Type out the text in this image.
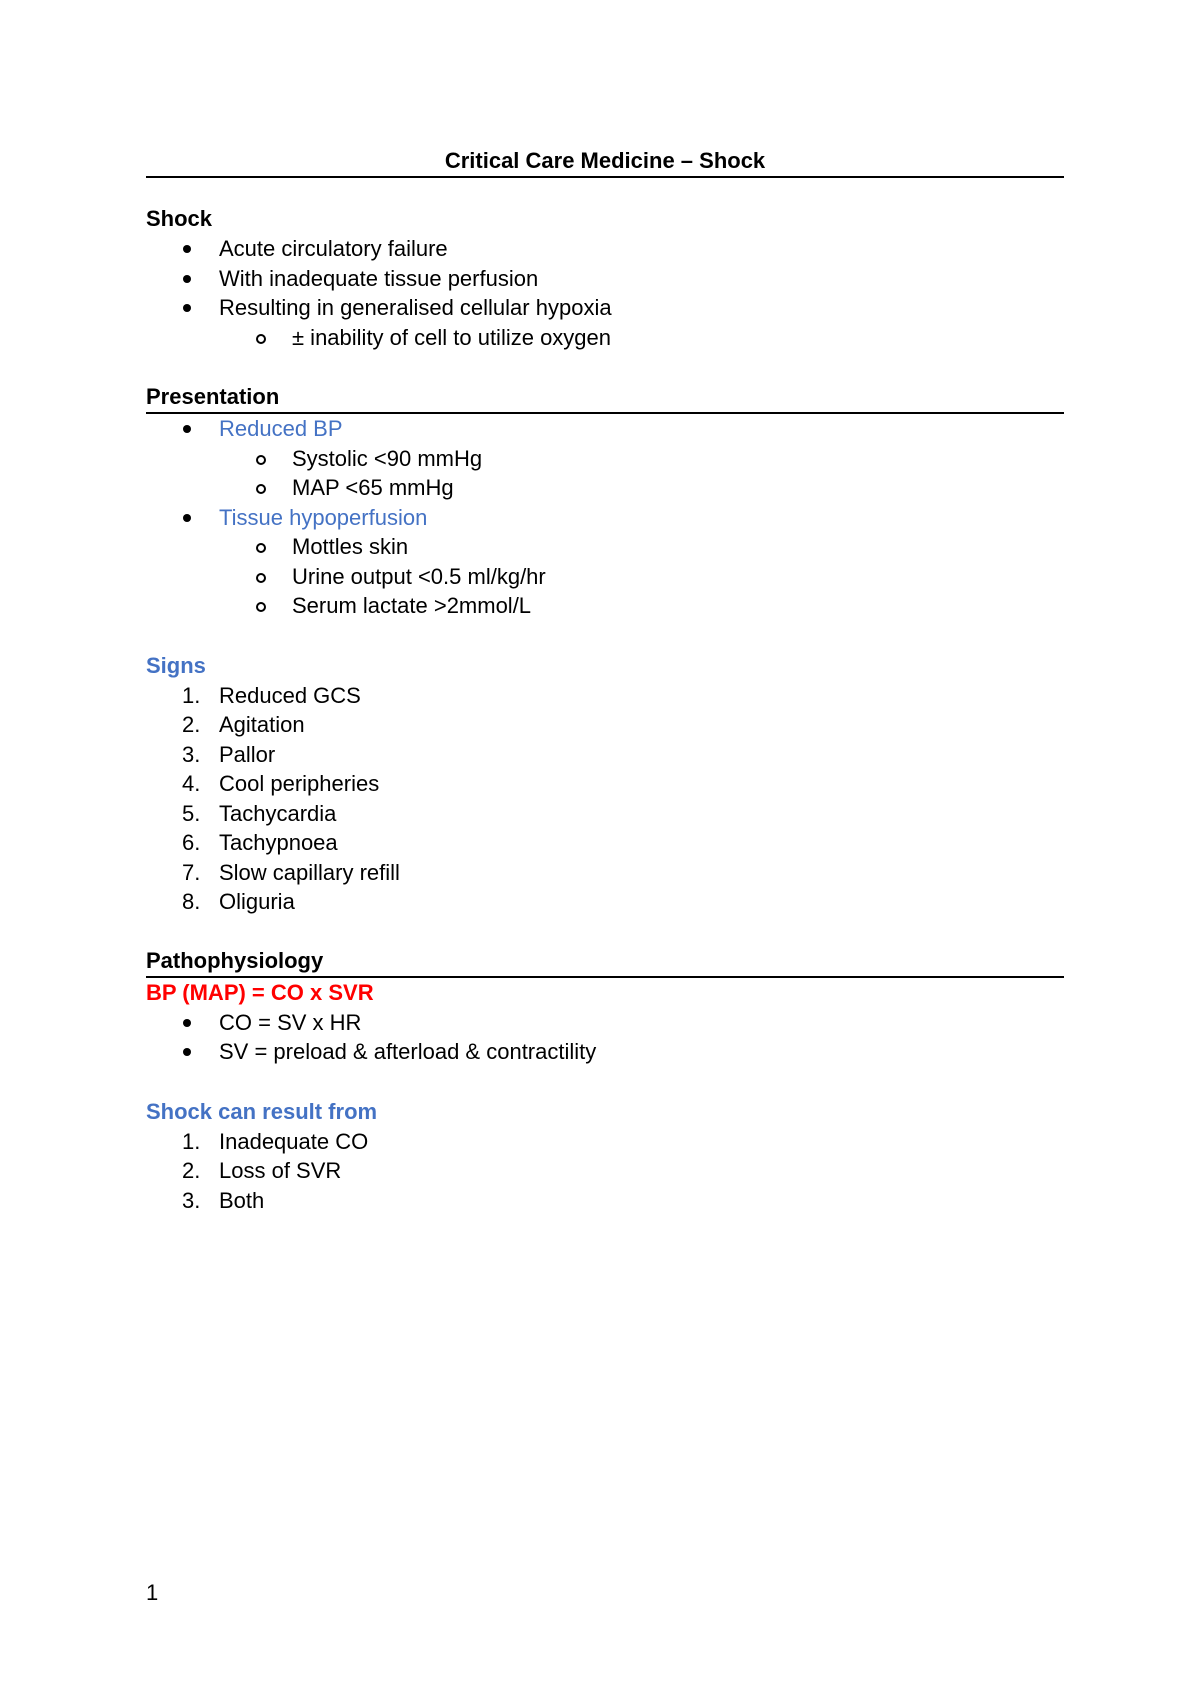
Critical Care Medicine – Shock
Shock
Acute circulatory failure
With inadequate tissue perfusion
Resulting in generalised cellular hypoxia
± inability of cell to utilize oxygen
Presentation
Reduced BP
Systolic <90 mmHg
MAP <65 mmHg
Tissue hypoperfusion
Mottles skin
Urine output <0.5 ml/kg/hr
Serum lactate >2mmol/L
Signs
1. Reduced GCS
2. Agitation
3. Pallor
4. Cool peripheries
5. Tachycardia
6. Tachypnoea
7. Slow capillary refill
8. Oliguria
Pathophysiology
BP (MAP) = CO x SVR
CO = SV x HR
SV = preload & afterload & contractility
Shock can result from
1. Inadequate CO
2. Loss of SVR
3. Both
1
